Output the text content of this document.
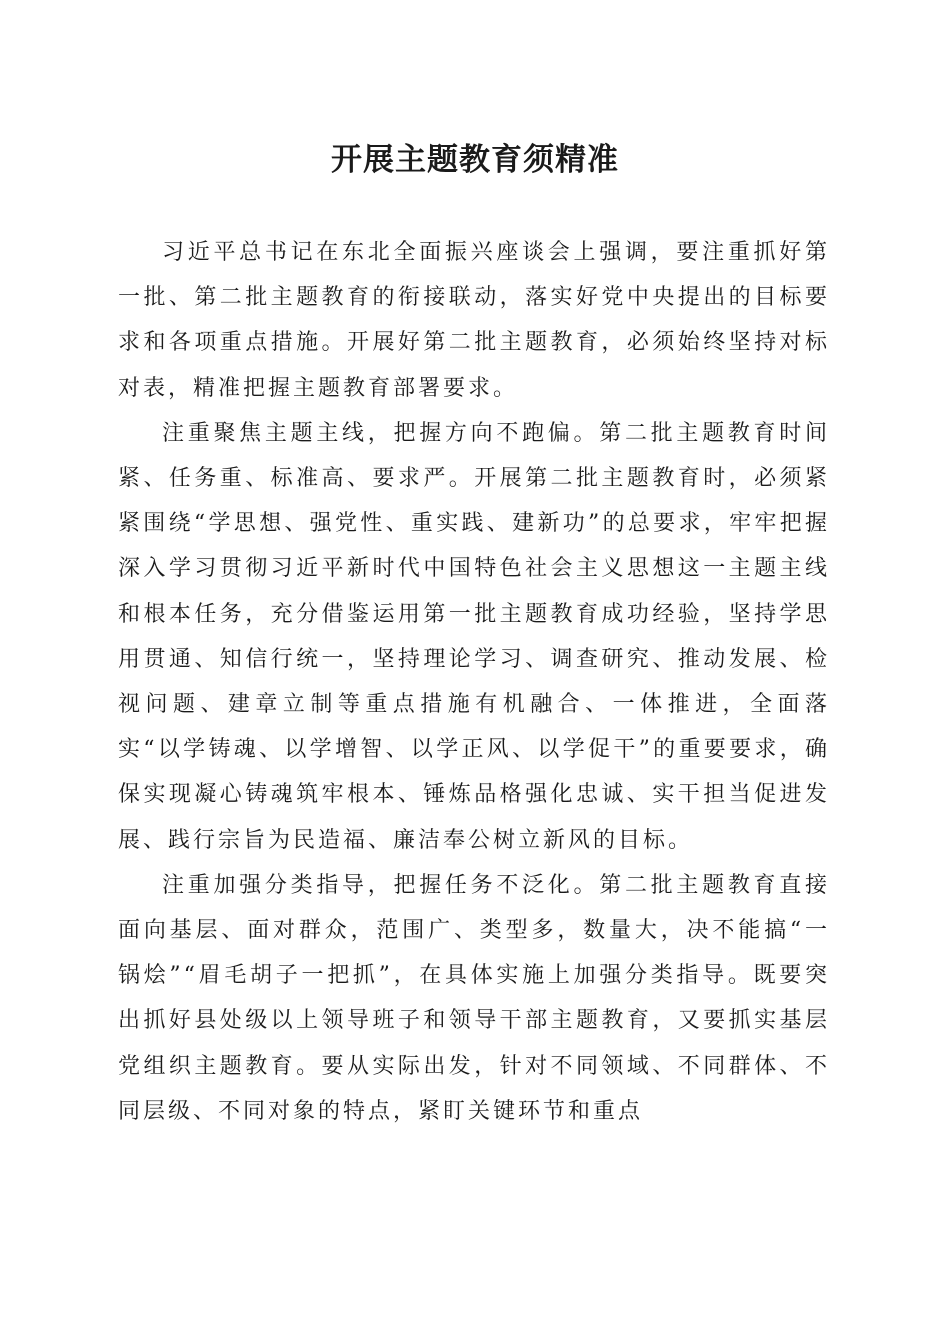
开展主题教育须精准

习近平总书记在东北全面振兴座谈会上强调，要注重抓好第一批、第二批主题教育的衔接联动，落实好党中央提出的目标要求和各项重点措施。开展好第二批主题教育，必须始终坚持对标对表，精准把握主题教育部署要求。

注重聚焦主题主线，把握方向不跑偏。第二批主题教育时间紧、任务重、标准高、要求严。开展第二批主题教育时，必须紧紧围绕“学思想、强党性、重实践、建新功”的总要求，牢牢把握深入学习贯彻习近平新时代中国特色社会主义思想这一主题主线和根本任务，充分借鉴运用第一批主题教育成功经验，坚持学思用贯通、知信行统一，坚持理论学习、调查研究、推动发展、检视问题、建章立制等重点措施有机融合、一体推进，全面落实“以学铸魂、以学增智、以学正风、以学促干”的重要要求，确保实现凝心铸魂筑牢根本、锤炼品格强化忠诚、实干担当促进发展、践行宗旨为民造福、廉洁奉公树立新风的目标。

注重加强分类指导，把握任务不泛化。第二批主题教育直接面向基层、面对群众，范围广、类型多，数量大，决不能搞“一锅烩”“眉毛胡子一把抓”，在具体实施上加强分类指导。既要突出抓好县处级以上领导班子和领导干部主题教育，又要抓实基层党组织主题教育。要从实际出发，针对不同领域、不同群体、不同层级、不同对象的特点，紧盯关键环节和重点
